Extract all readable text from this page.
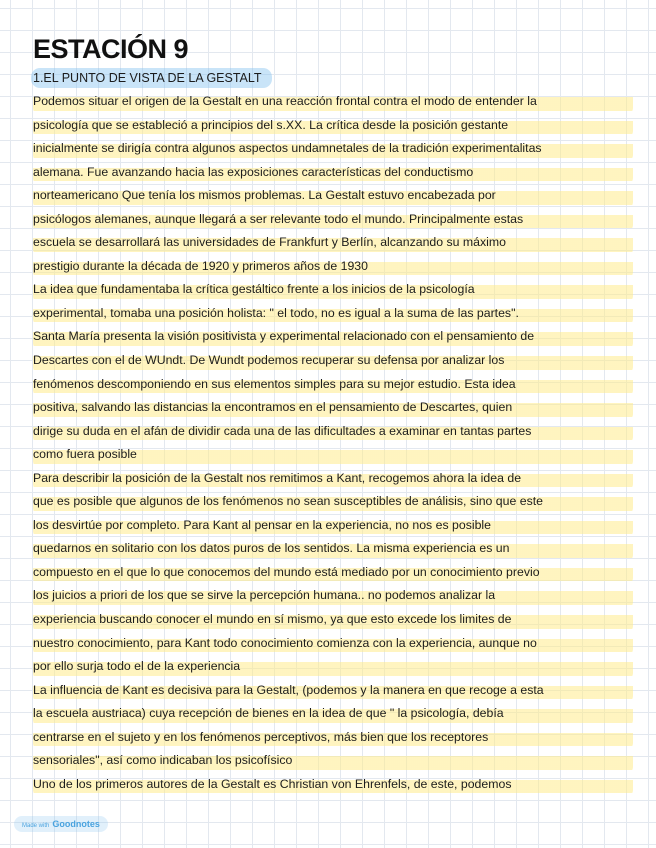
ESTACIÓN 9
1.EL PUNTO DE VISTA DE LA GESTALT

Podemos situar el origen de la Gestalt en una reacción frontal contra el modo de entender la
psicología que se estableció a principios del s.XX. La crítica desde la posición gestante
inicialmente se dirigía contra algunos aspectos undamnetales de la tradición experimentalitas
alemana. Fue avanzando hacia las exposiciones características del conductismo
norteamericano Que tenía los mismos problemas. La Gestalt estuvo encabezada por
psicólogos alemanes, aunque llegará a ser relevante todo el mundo. Principalmente estas
escuela se desarrollará las universidades de Frankfurt y Berlín, alcanzando su máximo
prestigio durante la década de 1920 y primeros años de 1930

La idea que fundamentaba la crítica gestáltico frente a los inicios de la psicología
experimental, tomaba una posición holista: " el todo, no es igual a la suma de las partes".
Santa María presenta la visión positivista y experimental relacionado con el pensamiento de
Descartes con el de WUndt. De Wundt podemos recuperar su defensa por analizar los
fenómenos descomponiendo en sus elementos simples para su mejor estudio. Esta idea
positiva, salvando las distancias la encontramos en el pensamiento de Descartes, quien
dirige su duda en el afán de dividir cada una de las dificultades a examinar en tantas partes
como fuera posible

Para describir la posición de la Gestalt nos remitimos a Kant, recogemos ahora la idea de
que es posible que algunos de los fenómenos no sean susceptibles de análisis, sino que este
los desvirtúe por completo. Para Kant al pensar en la experiencia, no nos es posible
quedarnos en solitario con los datos puros de los sentidos. La misma experiencia es un
compuesto en el que lo que conocemos del mundo está mediado por un conocimiento previo
los juicios a priori de los que se sirve la percepción humana.. no podemos analizar la
experiencia buscando conocer el mundo en sí mismo, ya que esto excede los limites de
nuestro conocimiento, para Kant todo conocimiento comienza con la experiencia, aunque no
por ello surja todo el de la experiencia

La influencia de Kant es decisiva para la Gestalt, (podemos y la manera en que recoge a esta
la escuela austriaca) cuya recepción de bienes en la idea de que " la psicología, debía
centrarse en el sujeto y en los fenómenos perceptivos, más bien que los receptores
sensoriales", así como indicaban los psicofísico
Uno de los primeros autores de la Gestalt es Christian von Ehrenfels, de este, podemos

Made with Goodnotes
